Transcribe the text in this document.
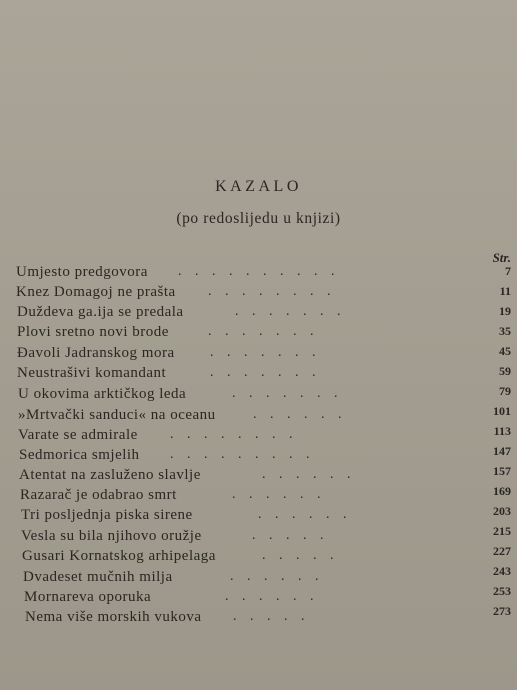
KAZALO
(po redoslijedu u knjizi)
Str.
Umjesto predgovora . . . . . . . . . .	7
Knez Domagoj ne prašta . . . . . . . .	11
Duždeva ga.ija se predala	. . . . . . .	19
Plovi sretno novi brode	. . . . . . .	35
Đavoli Jadranskog mora	. . . . . . .	45
Neustrašivi komandant	. . . . . . .	59
U okovima arktičkog leda	. . . . . . .	79
»Mrtvački sanduci« na oceanu	. . . . . .	101
Varate se admirale . . . . . . . .	113
Sedmorica smjelih . . . . . . . . .	147
Atentat na zasluženo slavlje	. . . . . .	157
Razarač je odabrao smrt	. . . . . .	169
Tri posljednja piska sirene	. . . . . .	203
Vesla su bila njihovo oružje	. . . . .	215
Gusari Kornatskog arhipelaga	. . . . .	227
Dvadeset mučnih milja	. . . . . .	243
Mornareva oporuka	. . . . . .	253
Nema više morskih vukova . . . . .	273
